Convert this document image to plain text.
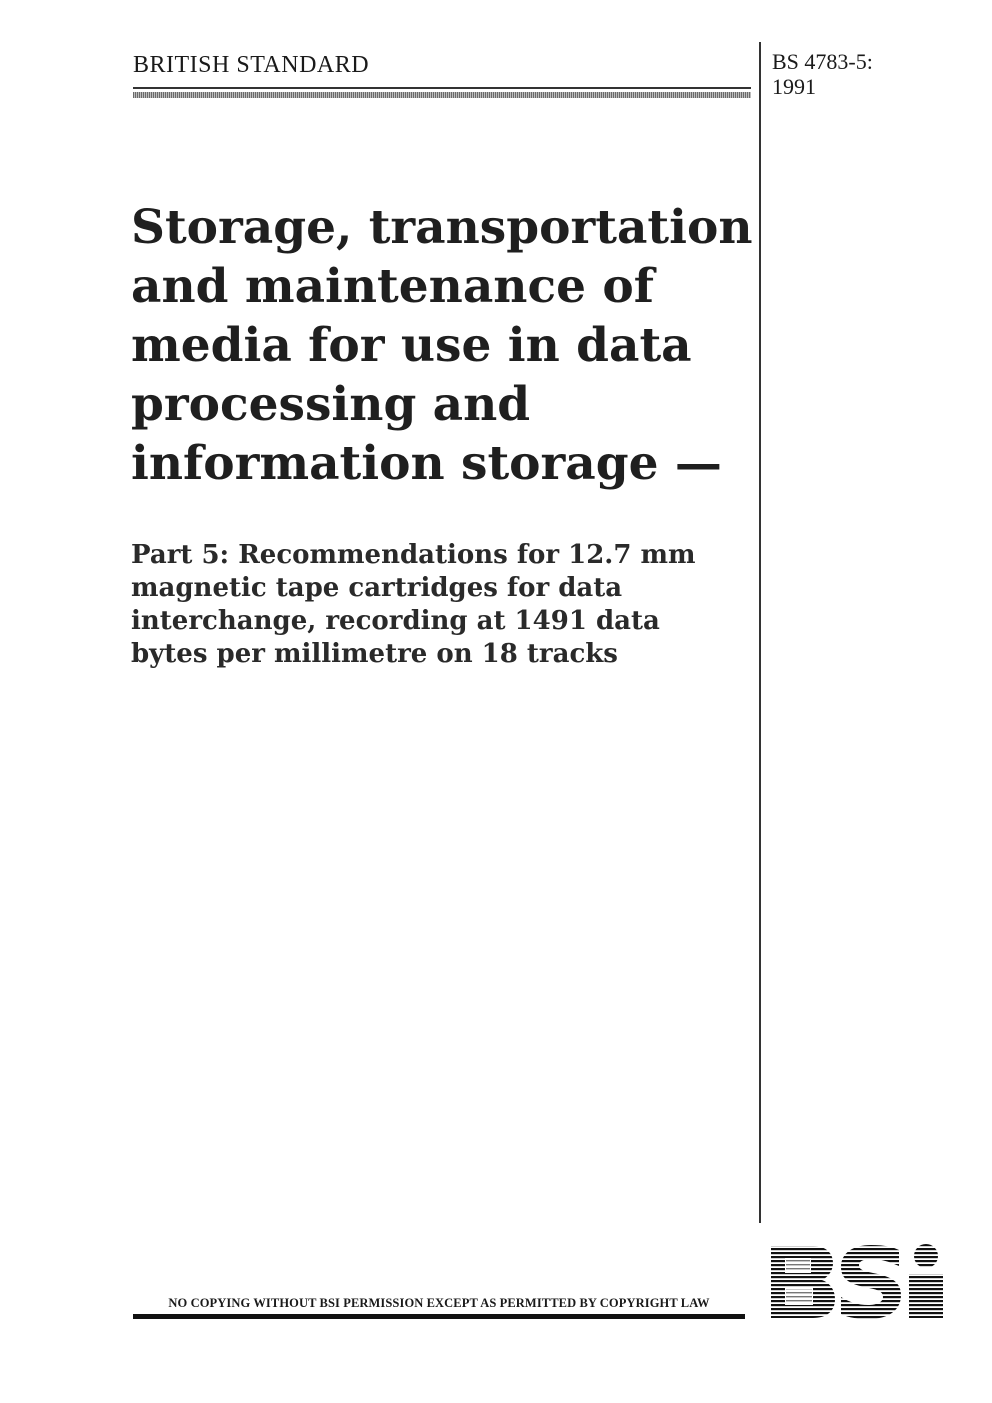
BRITISH STANDARD	BS 4783-5:
1991
Storage, transportation
and maintenance of
media for use in data
processing and
information storage —
Part 5: Recommendations for 12.7 mm
magnetic tape cartridges for data
interchange, recording at 1491 data
bytes per millimetre on 18 tracks
NO COPYING WITHOUT BSI PERMISSION EXCEPT AS PERMITTED BY COPYRIGHT LAW
